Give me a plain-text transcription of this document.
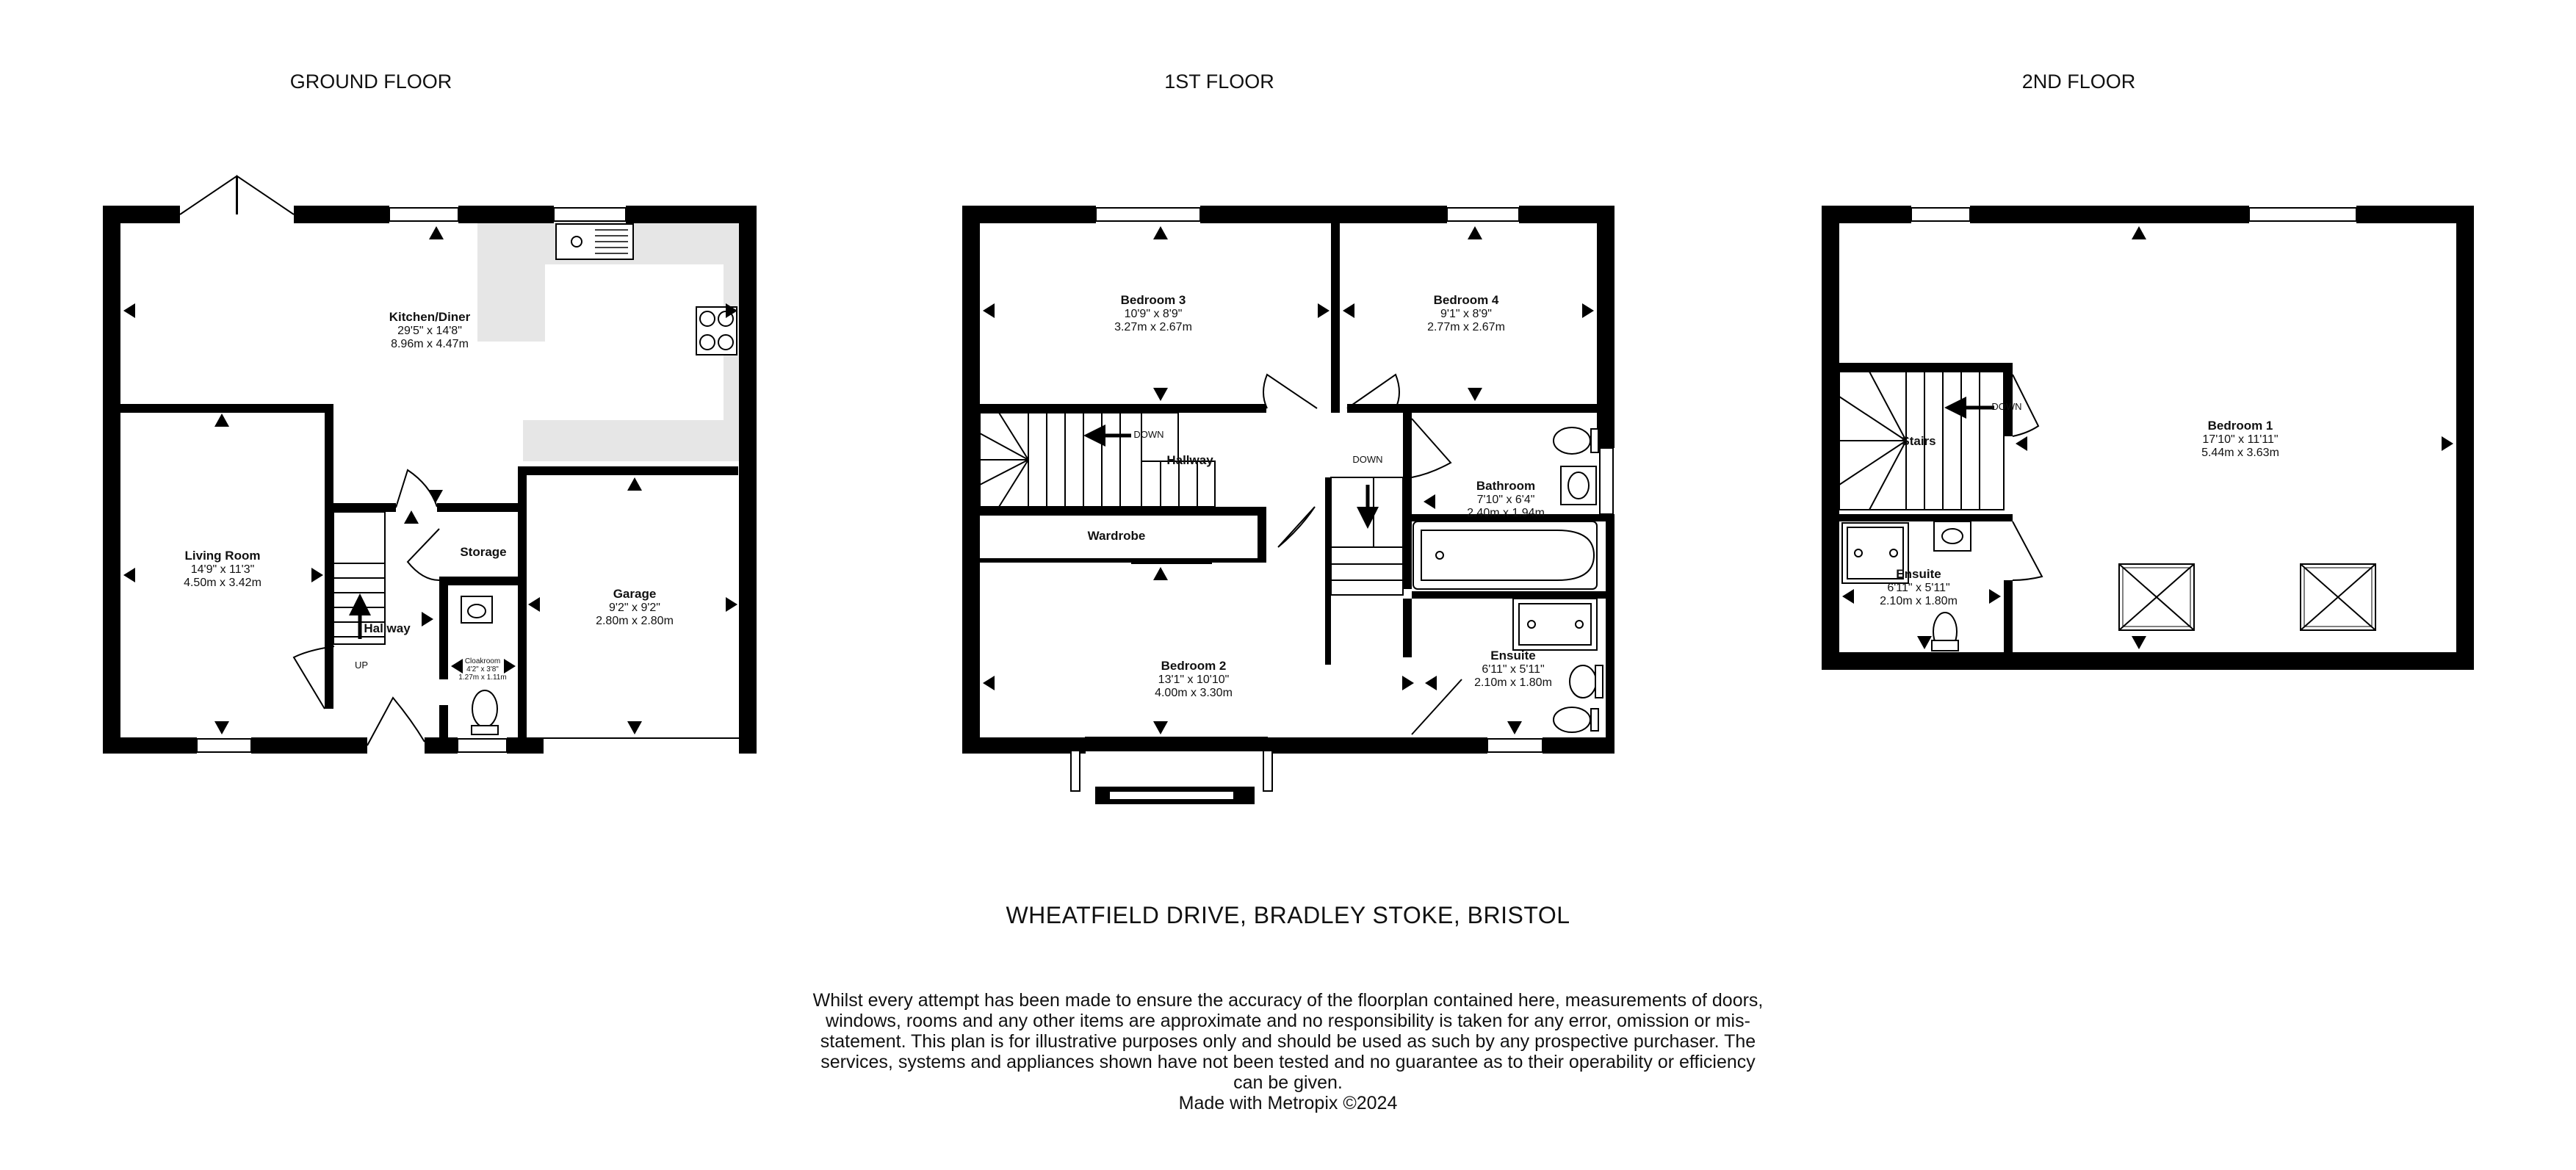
GROUND FLOOR
Kitchen/Diner
29'5" x 14'8"
8.96m x 4.47m
Living Room
14'9" x 11'3"
4.50m x 3.42m
Garage
9'2" x 9'2"
2.80m x 2.80m
Storage
Hallway
UP	Cloakroom
4'2" x 3'8"
1.27m x 1.11m
1ST FLOOR
Bedroom 3
10'9" x 8'9"
3.27m x 2.67m
Bedroom 4
9'1" x 8'9"
2.77m x 2.67m
Hallway
Wardrobe
Bathroom
7'10" x 6'4"
2.40m x 1.94m
Bedroom 2
13'1" x 10'10"
4.00m x 3.30m
Ensuite
6'11" x 5'11"
2.10m x 1.80m
DOWN
DOWN
2ND FLOOR
Bedroom 1
17'10" x 11'11"
5.44m x 3.63m
Stairs
DOWN
Ensuite
6'11" x 5'11"
2.10m x 1.80m
WHEATFIELD DRIVE, BRADLEY STOKE, BRISTOL
Whilst every attempt has been made to ensure the accuracy of the floorplan contained here, measurements of doors, windows, rooms and any other items are approximate and no responsibility is taken for any error, omission or mis-statement. This plan is for illustrative purposes only and should be used as such by any prospective purchaser. The services, systems and appliances shown have not been tested and no guarantee as to their operability or efficiency can be given.
Made with Metropix ©2024
